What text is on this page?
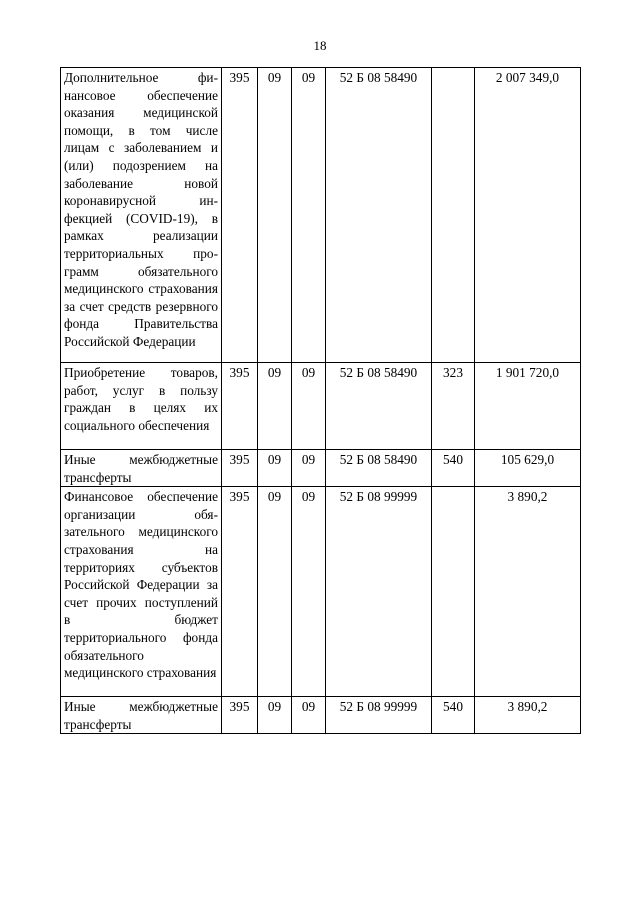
18
Дополнительное финансовое обеспечение оказания медицинской помощи, в том числе лицам с заболеванием и (или) подозрением на заболевание новой коронавирусной инфекцией (COVID-19), в рамках реализации территориальных программ обязательного медицинского страхования за счет средств резервного фонда Правительства Российской Федерации	395	09	09	52 Б 08 58490		2 007 349,0
Приобретение товаров, работ, услуг в пользу граждан в целях их социального обеспечения	395	09	09	52 Б 08 58490	323	1 901 720,0
Иные межбюджетные трансферты	395	09	09	52 Б 08 58490	540	105 629,0
Финансовое обеспечение организации обязательного медицинского страхования на территориях субъектов Российской Федерации за счет прочих поступлений в бюджет территориального фонда обязательного медицинского страхования	395	09	09	52 Б 08 99999		3 890,2
Иные межбюджетные трансферты	395	09	09	52 Б 08 99999	540	3 890,2
